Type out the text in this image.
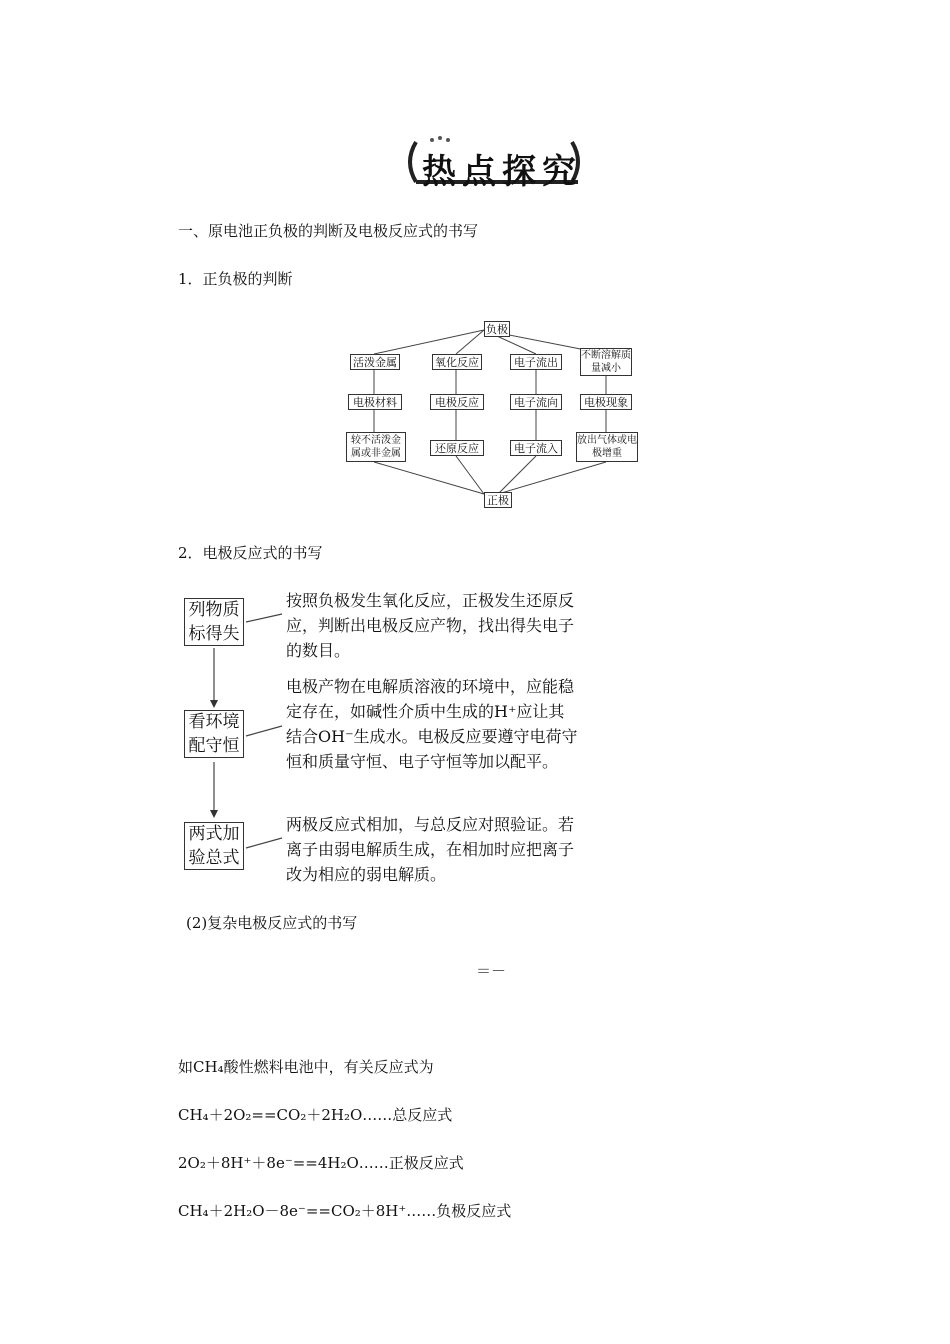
热点探究
一、原电池正负极的判断及电极反应式的书写
1．正负极的判断
负极
活泼金属	氧化反应	电子流出	不断溶解质量减小
电极材料	电极反应	电子流向	电极现象
较不活泼金属或非金属	还原反应	电子流入
放出气体或电极增重
正极
2．电极反应式的书写
列物质标得失
按照负极发生氧化反应，正极发生还原反应，判断出电极反应产物，找出得失电子的数目。
看环境配守恒
电极产物在电解质溶液的环境中，应能稳定存在，如碱性介质中生成的H⁺应让其结合OH⁻生成水。电极反应要遵守电荷守恒和质量守恒、电子守恒等加以配平。
两式加验总式
两极反应式相加，与总反应对照验证。若离子由弱电解质生成，在相加时应把离子改为相应的弱电解质。
(2)复杂电极反应式的书写
＝－
如CH₄酸性燃料电池中，有关反应式为
CH₄＋2O₂==CO₂＋2H₂O……总反应式
2O₂＋8H⁺＋8e⁻==4H₂O……正极反应式
CH₄＋2H₂O－8e⁻==CO₂＋8H⁺……负极反应式
